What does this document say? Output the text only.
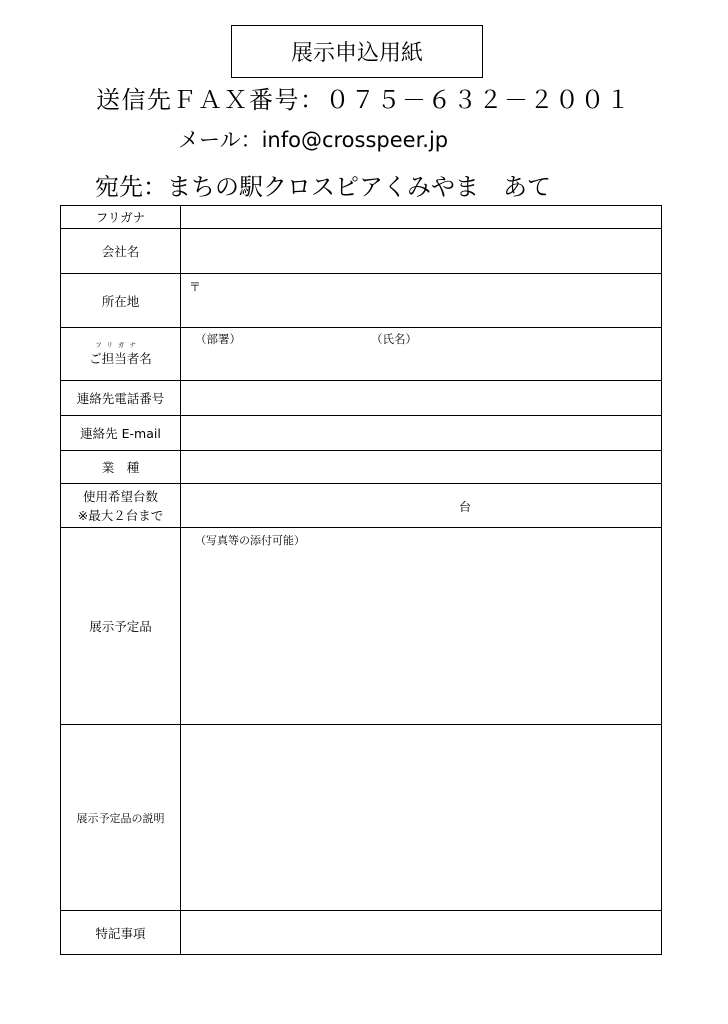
展示申込用紙
送信先ＦＡＸ番号：０７５－６３２－２００１
メール：info@crosspeer.jp
宛先：まちの駅クロスピアくみやま　あて
フリガナ	
会社名	
所在地	〒

フリガナ
ご担当者名	（部署） （氏名）

連絡先電話番号	
連絡先 E-mail	
業　種	

使用希望台数
※最大２台まで	台

展示予定品	（写真等の添付可能）

展示予定品の説明	
特記事項	
